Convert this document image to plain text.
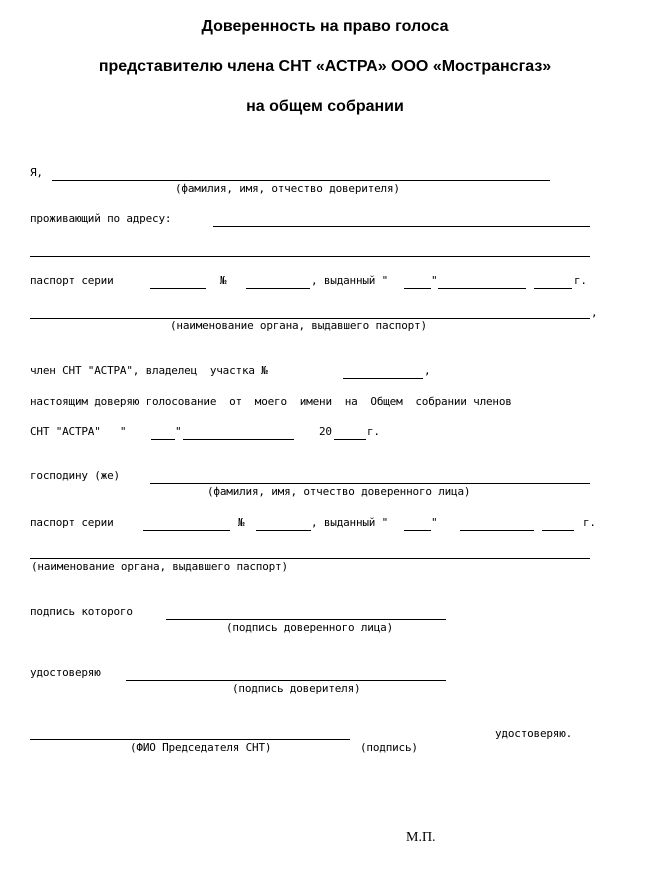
Доверенность на право голоса
представителю члена СНТ «АСТРА» ООО «Мострансгаз»
на общем собрании
Я,
(фамилия, имя, отчество доверителя)
проживающий по адресу:
паспорт серии	№	, выданный "	"	г.
,
(наименование органа, выдавшего паспорт)
член СНТ "АСТРА", владелец  участка №	,
настоящим доверяю голосование  от  моего  имени  на  Общем  собрании членов
СНТ "АСТРА"   "	"	20	г.
господину (же)
(фамилия, имя, отчество доверенного лица)
паспорт серии	№	, выданный "	"	г.
(наименование органа, выдавшего паспорт)
подпись которого
(подпись доверенного лица)
удостоверяю
(подпись доверителя)
удостоверяю.
(ФИО Председателя СНТ)	(подпись)
М.П.
